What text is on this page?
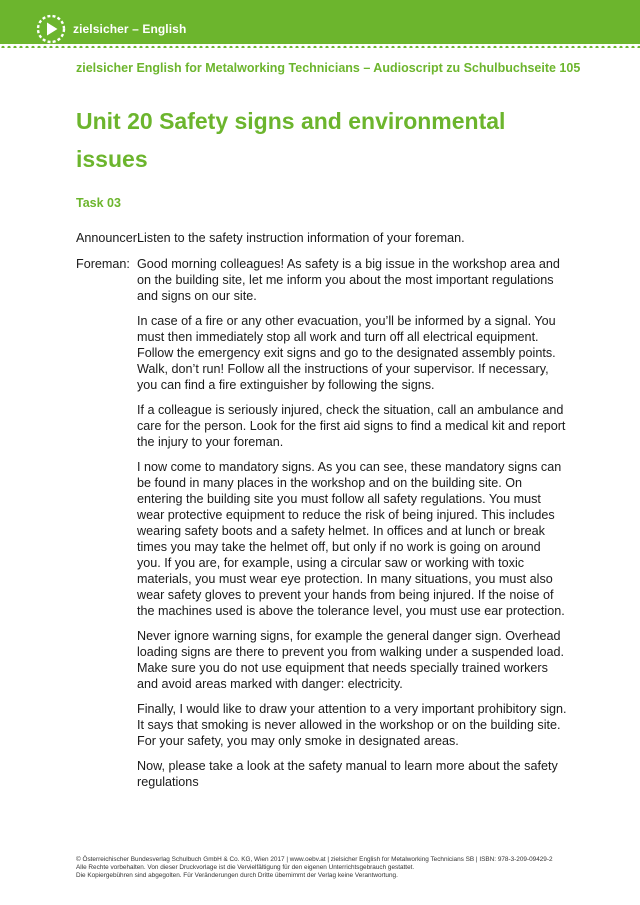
zielsicher – English
zielsicher English for Metalworking Technicians – Audioscript zu Schulbuchseite 105
Unit 20 Safety signs and environmental issues
Task 03
Announcer:
Listen to the safety instruction information of your foreman.
Foreman: Good morning colleagues! As safety is a big issue in the workshop area and on the building site, let me inform you about the most important regulations and signs on our site.

In case of a fire or any other evacuation, you’ll be informed by a signal. You must then immediately stop all work and turn off all electrical equipment. Follow the emergency exit signs and go to the designated assembly points. Walk, don’t run! Follow all the instructions of your supervisor. If necessary, you can find a fire extinguisher by following the signs.

If a colleague is seriously injured, check the situation, call an ambulance and care for the person. Look for the first aid signs to find a medical kit and report the injury to your foreman.

I now come to mandatory signs. As you can see, these mandatory signs can be found in many places in the workshop and on the building site. On entering the building site you must follow all safety regulations. You must wear protective equipment to reduce the risk of being injured. This includes wearing safety boots and a safety helmet. In offices and at lunch or break times you may take the helmet off, but only if no work is going on around you. If you are, for example, using a circular saw or working with toxic materials, you must wear eye protection. In many situations, you must also wear safety gloves to prevent your hands from being injured. If the noise of the machines used is above the tolerance level, you must use ear protection.

Never ignore warning signs, for example the general danger sign. Overhead loading signs are there to prevent you from walking under a suspended load. Make sure you do not use equipment that needs specially trained workers and avoid areas marked with danger: electricity.

Finally, I would like to draw your attention to a very important prohibitory sign. It says that smoking is never allowed in the workshop or on the building site. For your safety, you may only smoke in designated areas.

Now, please take a look at the safety manual to learn more about the safety regulations

© Österreichischer Bundesverlag Schulbuch GmbH & Co. KG, Wien 2017 | www.oebv.at | zielsicher English for Metalworking Technicians SB | ISBN: 978-3-209-09429-2
Alle Rechte vorbehalten. Von dieser Druckvorlage ist die Vervielfältigung für den eigenen Unterrichtsgebrauch gestattet.
Die Kopiergebühren sind abgegolten. Für Veränderungen durch Dritte übernimmt der Verlag keine Verantwortung.
